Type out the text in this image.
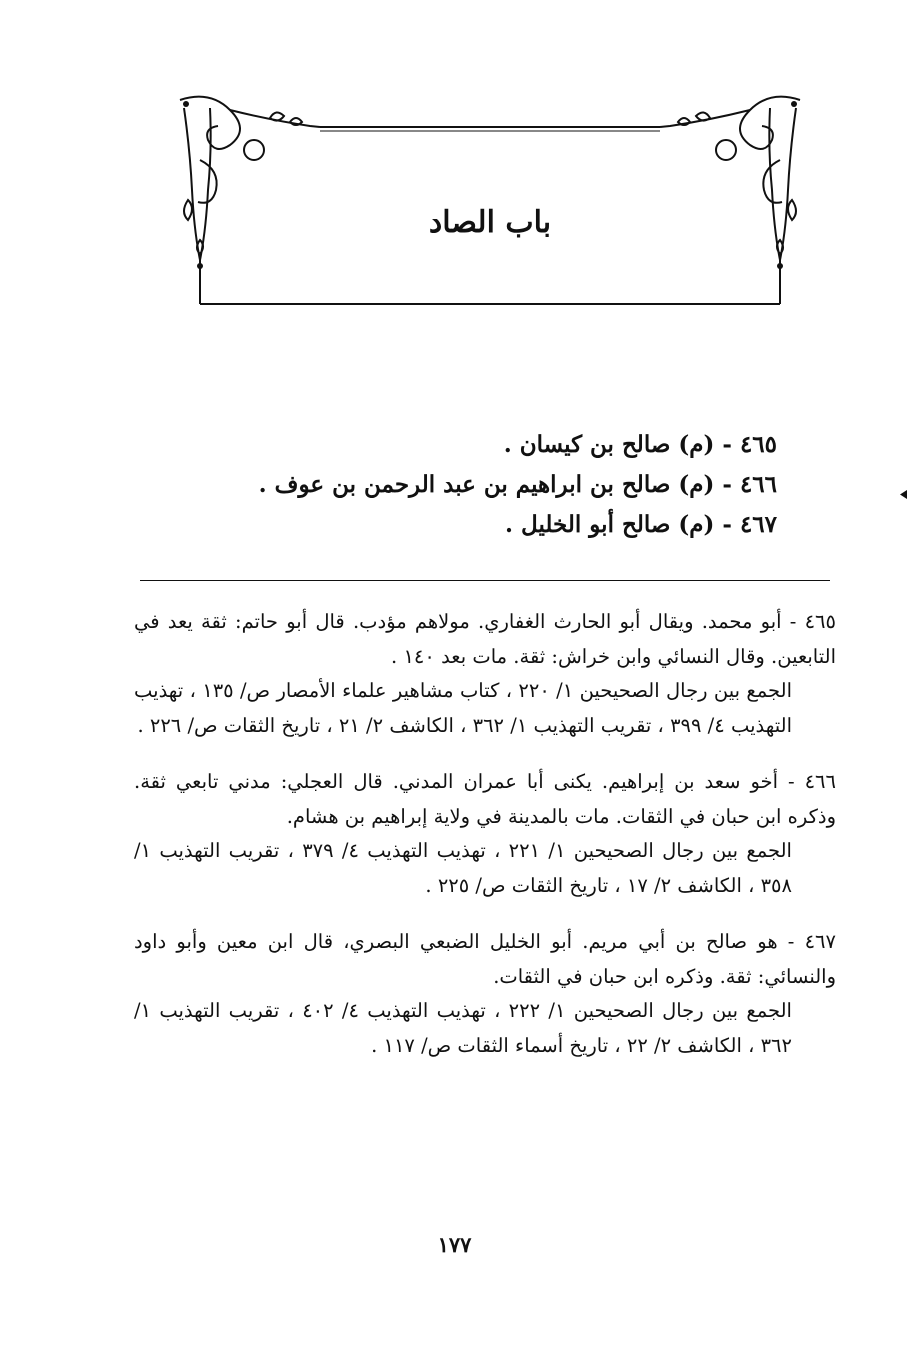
باب الصاد
٤٦٥ - (م) صالح بن كيسان .
٤٦٦ - (م) صالح بن ابراهيم بن عبد الرحمن بن عوف .
٤٦٧ - (م) صالح أبو الخليل .

٤٦٥ - أبو محمد. ويقال أبو الحارث الغفاري. مولاهم مؤدب. قال أبو حاتم: ثقة يعد في التابعين. وقال النسائي وابن خراش: ثقة. مات بعد ١٤٠ .

الجمع بين رجال الصحيحين ١/ ٢٢٠ ، كتاب مشاهير علماء الأمصار ص/ ١٣٥ ، تهذيب التهذيب ٤/ ٣٩٩ ، تقريب التهذيب ١/ ٣٦٢ ، الكاشف ٢/ ٢١ ، تاريخ الثقات ص/ ٢٢٦ .

٤٦٦ - أخو سعد بن إبراهيم. يكنى أبا عمران المدني. قال العجلي: مدني تابعي ثقة. وذكره ابن حبان في الثقات. مات بالمدينة في ولاية إبراهيم بن هشام.

الجمع بين رجال الصحيحين ١/ ٢٢١ ، تهذيب التهذيب ٤/ ٣٧٩ ، تقريب التهذيب ١/ ٣٥٨ ، الكاشف ٢/ ١٧ ، تاريخ الثقات ص/ ٢٢٥ .

٤٦٧ - هو صالح بن أبي مريم. أبو الخليل الضبعي البصري، قال ابن معين وأبو داود والنسائي: ثقة. وذكره ابن حبان في الثقات.

الجمع بين رجال الصحيحين ١/ ٢٢٢ ، تهذيب التهذيب ٤/ ٤٠٢ ، تقريب التهذيب ١/ ٣٦٢ ، الكاشف ٢/ ٢٢ ، تاريخ أسماء الثقات ص/ ١١٧ .

١٧٧
